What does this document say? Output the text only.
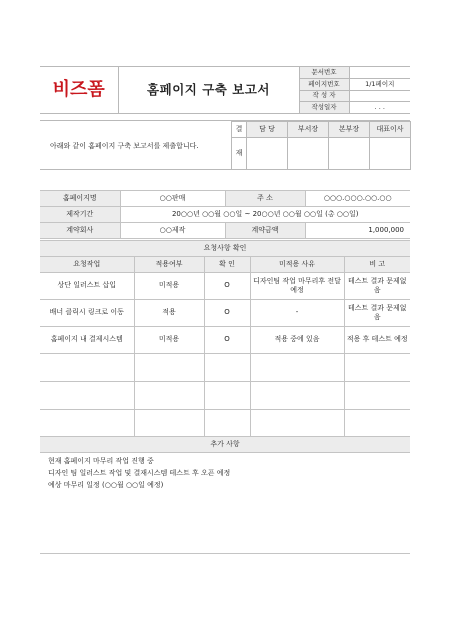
비즈폼	홈페이지 구축 보고서	문서번호	
		페이지번호	1/1페이지
		작 성 자	
		작성일자	. . .
아래와 같이 홈페이지 구축 보고서를 제출합니다.
결	담 당	부서장	본부장	대표이사
재				
홈페이지명	○○판매	주 소	○○○.○○○.○○.○○
제작기간	20○○년 ○○월 ○○일 ~ 20○○년 ○○월 ○○일 (총 ○○일)		
계약회사	○○제작	계약금액	1,000,000
요청사항 확인				
요청작업	적용여부	확 인	미적용 사유	비 고
상단 일러스트 삽입	미적용	O	디자인팀 작업 마무리후 전달예정	테스트 결과 문제없음
배너 클릭시 링크로 이동	적용	O	-	테스트 결과 문제없음
홈페이지 내 결제시스템	미적용	O	적용 중에 있음	적용 후 테스트 예정

추가 사항
현재 홈페이지 마무리 작업 진행 중
디자인 팀 일러스트 작업 및 결재시스템 테스트 후 오픈 예정
예상 마무리 일정 (○○월 ○○일 예정)
